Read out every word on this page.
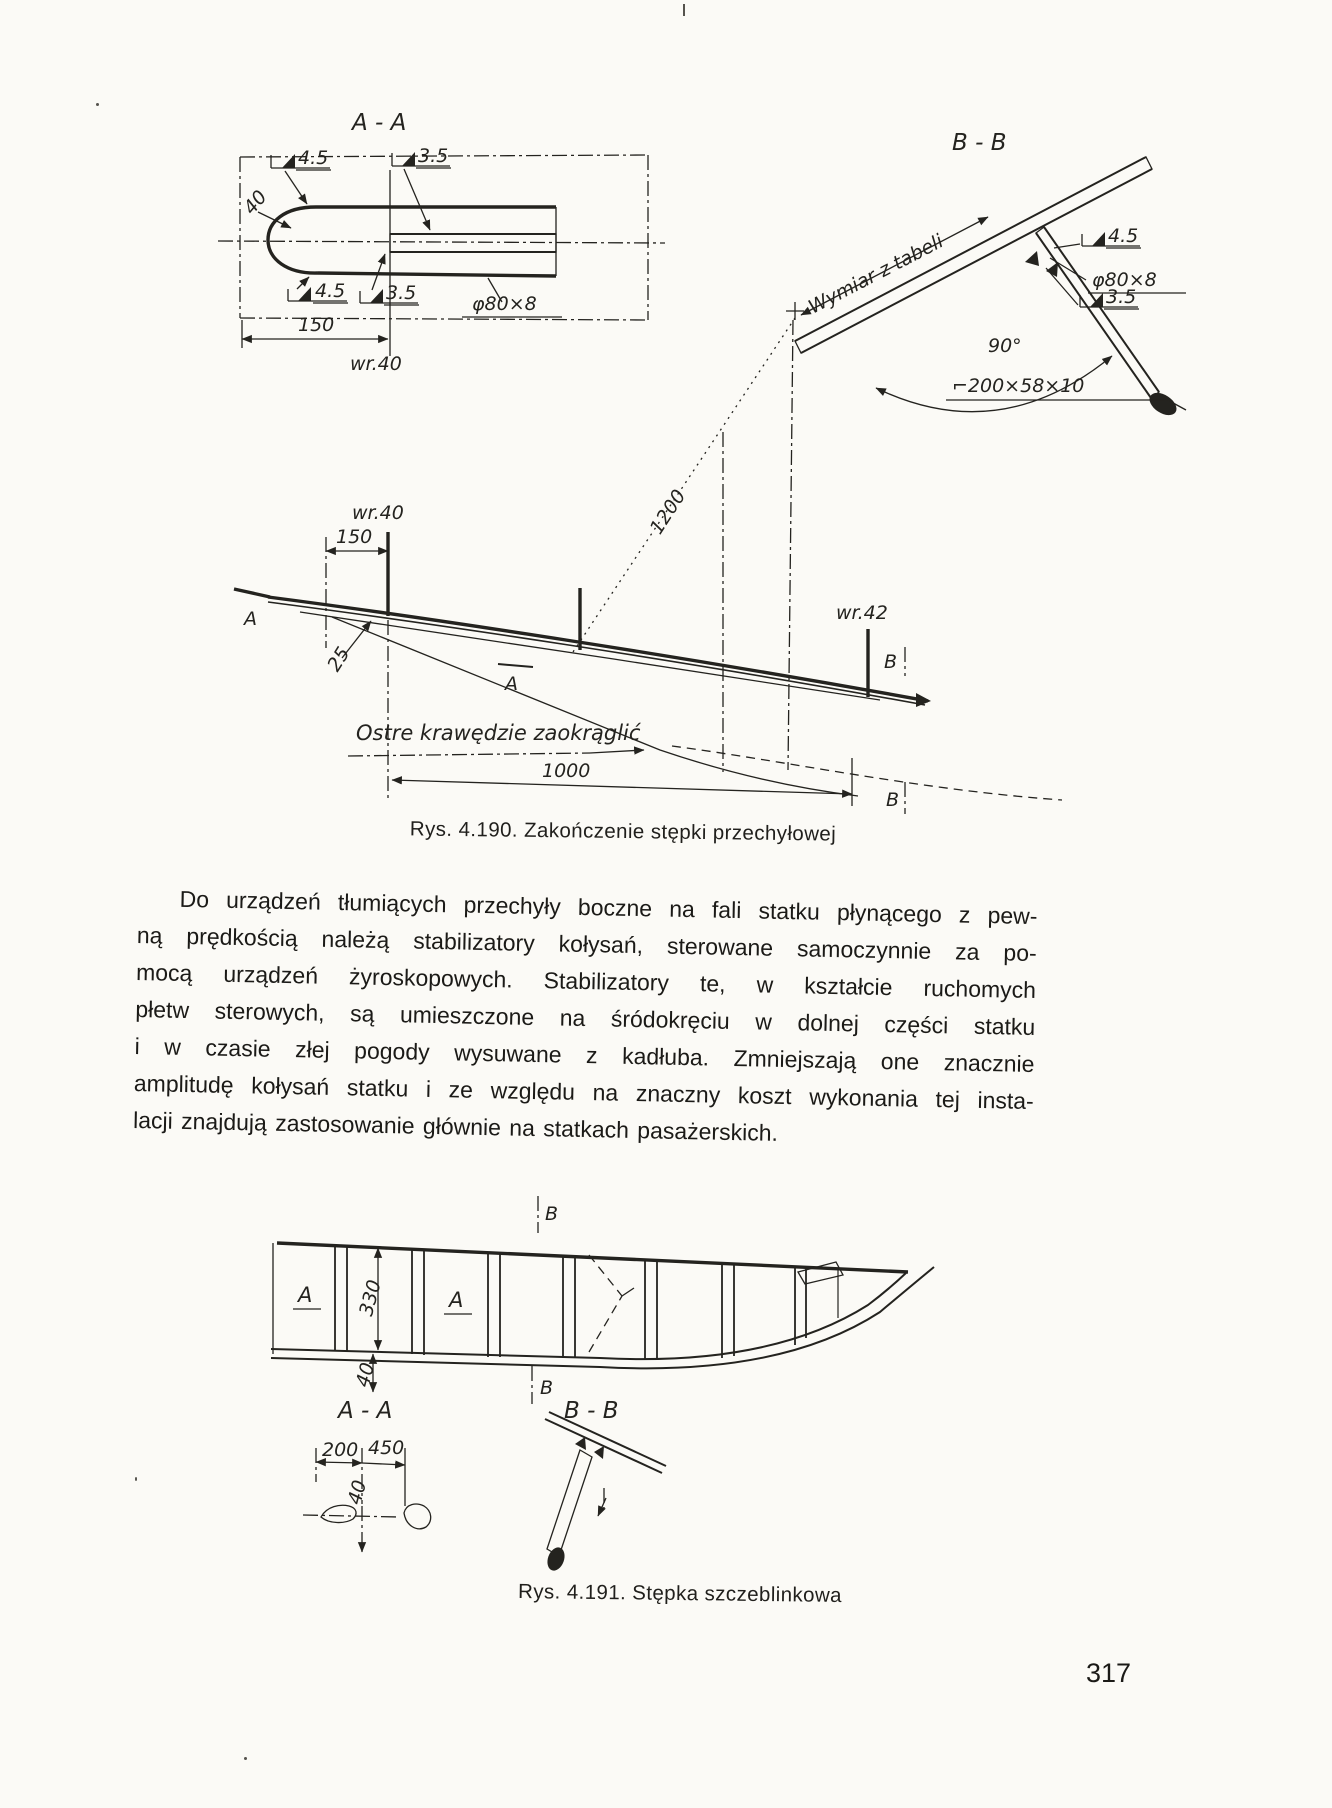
A - A
40
4.5	3.5
4.5 3.5	φ80×8
150
wr.40
B - B
Wymiar z tabeli	4.5
φ80×8
3.5
90°
⌐200×58×10
A
wr.40
150
25
A
wr.42
B
B
1200
Ostre krawędzie zaokrąglić
1000
Rys. 4.190. Zakończenie stępki przechyłowej
Do urządzeń tłumiących przechyły boczne na fali statku płynącego z pew-
ną prędkością należą stabilizatory kołysań, sterowane samoczynnie za po-
mocą urządzeń żyroskopowych. Stabilizatory te, w kształcie ruchomych
płetw sterowych, są umieszczone na śródokręciu w dolnej części statku
i w czasie złej pogody wysuwane z kadłuba. Zmniejszają one znacznie
amplitudę kołysań statku i ze względu na znaczny koszt wykonania tej insta-
lacji znajdują zastosowanie głównie na statkach pasażerskich.
B
B
A	A
330
40
A - A	B - B
200 450
40
Rys. 4.191. Stępka szczeblinkowa
317
